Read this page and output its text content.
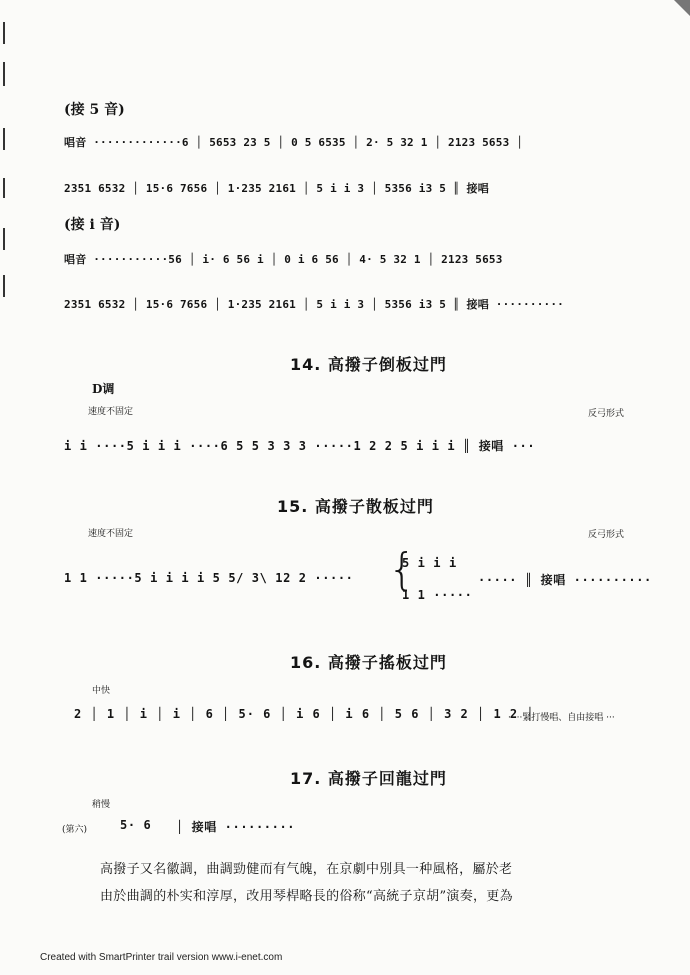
(接 5 音)
唱音 ·············6 │ 5653 23 5 │ 0 5 6535 │ 2· 5 32 1 │ 2123 5653 │
2351 6532 │ 15·6 7656 │ 1·235 2161 │ 5 i i 3 │ 5356 i3 5 ║ 接唱
(接 i 音)
唱音 ···········56 │ i· 6 56 i │ 0 i 6 56 │ 4· 5 32 1 │ 2123 5653
2351 6532 │ 15·6 7656 │ 1·235 2161 │ 5 i i 3 │ 5356 i3 5 ║ 接唱 ··········
14. 高撥子倒板过門
D调
速度不固定	反弓形式
i i ····5 i i i ····6 5 5 3 3 3 ·····1 2 2 5 i i i ║ 接唱 ···
15. 高撥子散板过門
速度不固定	反弓形式
1 1 ·····5 i i i i 5 5/ 3\ 12 2 ····· {
5 i i i
1 1 ·····
····· ║ 接唱 ··········
16. 高撥子搖板过門
中快
2 │ 1 │ i │ i │ 6 │ 5· 6 │ i 6 │ i 6 │ 5 6 │ 3 2 │ 1 2 │
·····緊打慢唱、自由接唱 ···
17. 高撥子回龍过門
稍慢
(第六)	5· 6 │ 接唱 ·········
高撥子又名徽調，曲調勁健而有气魄，在京劇中別具一种風格，屬於老
由於曲調的朴实和淳厚，改用琴桿略長的俗称“高統子京胡”演奏，更為
Created with SmartPrinter trail version www.i-enet.com
